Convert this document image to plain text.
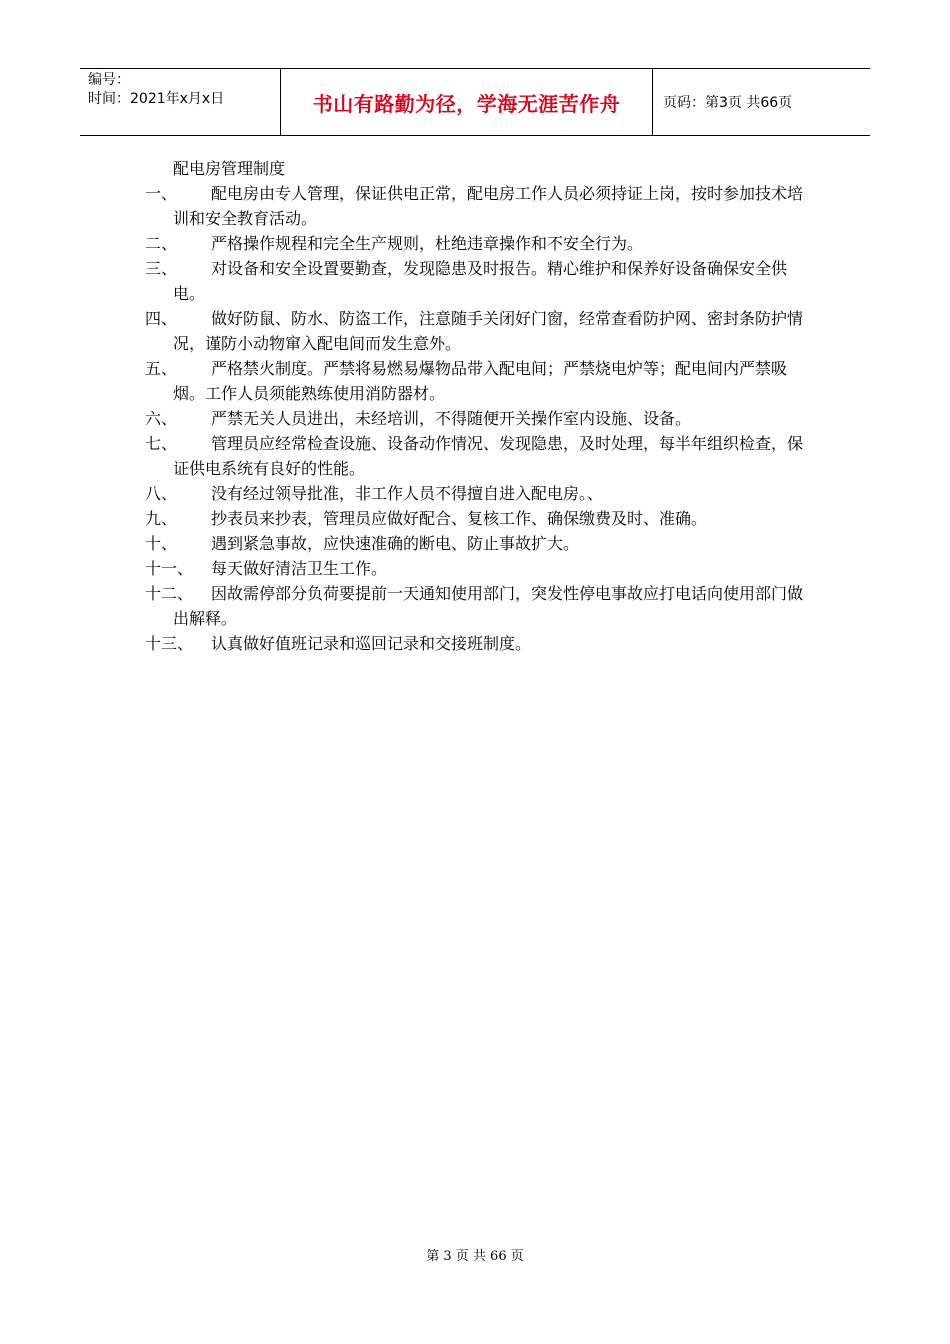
编号：
时间：2021年x月x日	书山有路勤为径，学海无涯苦作舟	页码：第3页 共66页
配电房管理制度
一、	配电房由专人管理，保证供电正常，配电房工作人员必须持证上岗，按时参加技术培训和安全教育活动。
二、	严格操作规程和完全生产规则，杜绝违章操作和不安全行为。
三、	对设备和安全设置要勤查，发现隐患及时报告。精心维护和保养好设备确保安全供电。
四、	做好防鼠、防水、防盗工作，注意随手关闭好门窗，经常查看防护网、密封条防护情况，谨防小动物窜入配电间而发生意外。
五、	严格禁火制度。严禁将易燃易爆物品带入配电间；严禁烧电炉等；配电间内严禁吸烟。工作人员须能熟练使用消防器材。
六、	严禁无关人员进出，未经培训，不得随便开关操作室内设施、设备。
七、	管理员应经常检查设施、设备动作情况、发现隐患，及时处理，每半年组织检查，保证供电系统有良好的性能。
八、	没有经过领导批准，非工作人员不得擅自进入配电房。、
九、	抄表员来抄表，管理员应做好配合、复核工作、确保缴费及时、准确。
十、	遇到紧急事故，应快速准确的断电、防止事故扩大。
十一、	每天做好清洁卫生工作。
十二、	因故需停部分负荷要提前一天通知使用部门，突发性停电事故应打电话向使用部门做出解释。
十三、	认真做好值班记录和巡回记录和交接班制度。
第 3 页 共 66 页
